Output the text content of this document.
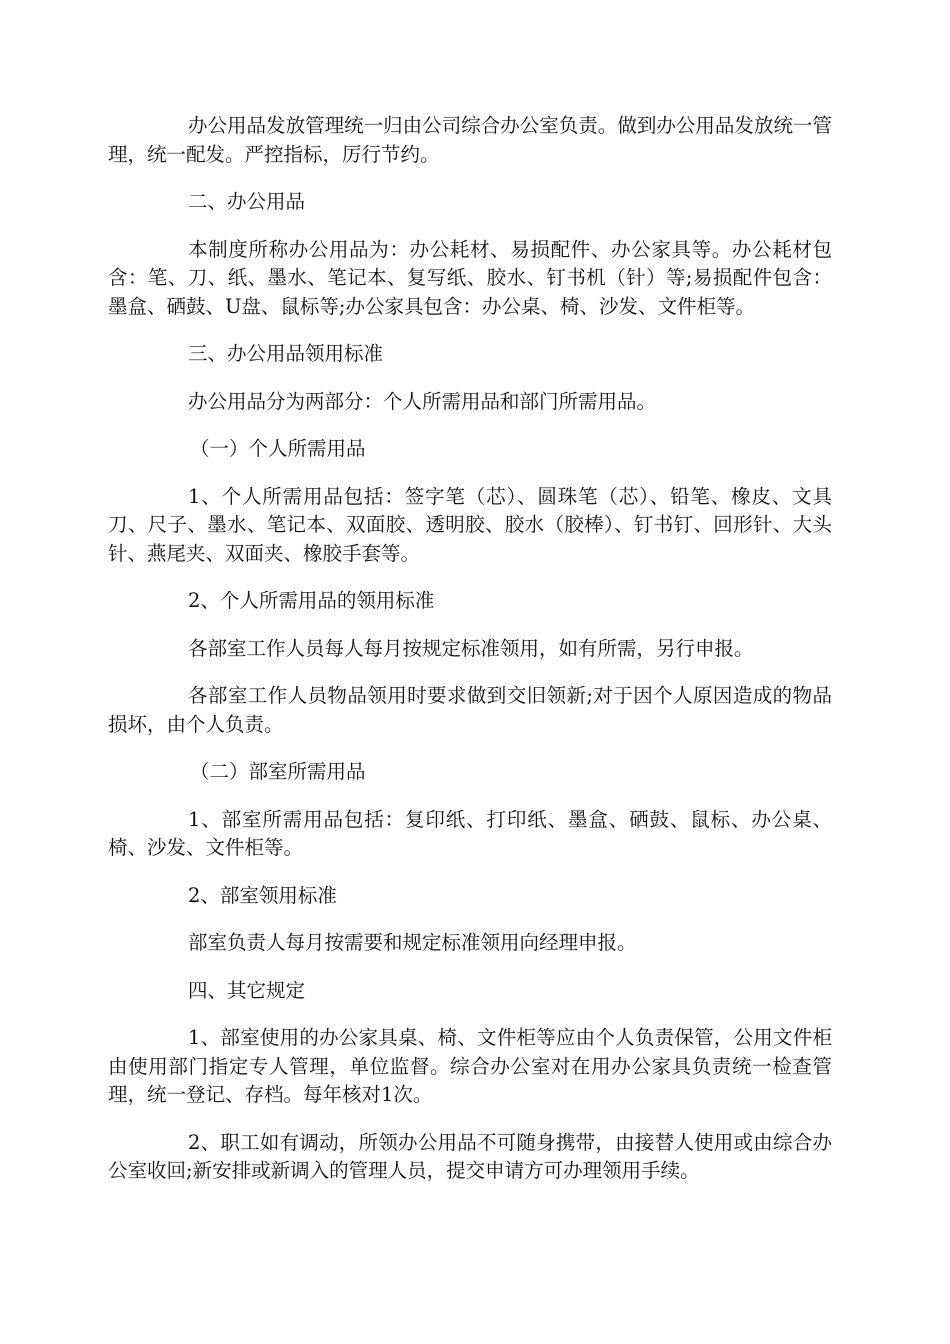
办公用品发放管理统一归由公司综合办公室负责。做到办公用品发放统一管理，统一配发。严控指标，厉行节约。

二、办公用品

本制度所称办公用品为：办公耗材、易损配件、办公家具等。办公耗材包含：笔、刀、纸、墨水、笔记本、复写纸、胶水、钉书机（针）等;易损配件包含：墨盒、硒鼓、U盘、鼠标等;办公家具包含：办公桌、椅、沙发、文件柜等。

三、办公用品领用标准

办公用品分为两部分：个人所需用品和部门所需用品。

（一）个人所需用品

1、个人所需用品包括：签字笔（芯）、圆珠笔（芯）、铅笔、橡皮、文具刀、尺子、墨水、笔记本、双面胶、透明胶、胶水（胶棒）、钉书钉、回形针、大头针、燕尾夹、双面夹、橡胶手套等。

2、个人所需用品的领用标准

各部室工作人员每人每月按规定标准领用，如有所需，另行申报。

各部室工作人员物品领用时要求做到交旧领新;对于因个人原因造成的物品损坏，由个人负责。

（二）部室所需用品

1、部室所需用品包括：复印纸、打印纸、墨盒、硒鼓、鼠标、办公桌、椅、沙发、文件柜等。

2、部室领用标准

部室负责人每月按需要和规定标准领用向经理申报。

四、其它规定

1、部室使用的办公家具桌、椅、文件柜等应由个人负责保管，公用文件柜由使用部门指定专人管理，单位监督。综合办公室对在用办公家具负责统一检查管理，统一登记、存档。每年核对1次。

2、职工如有调动，所领办公用品不可随身携带，由接替人使用或由综合办公室收回;新安排或新调入的管理人员，提交申请方可办理领用手续。
